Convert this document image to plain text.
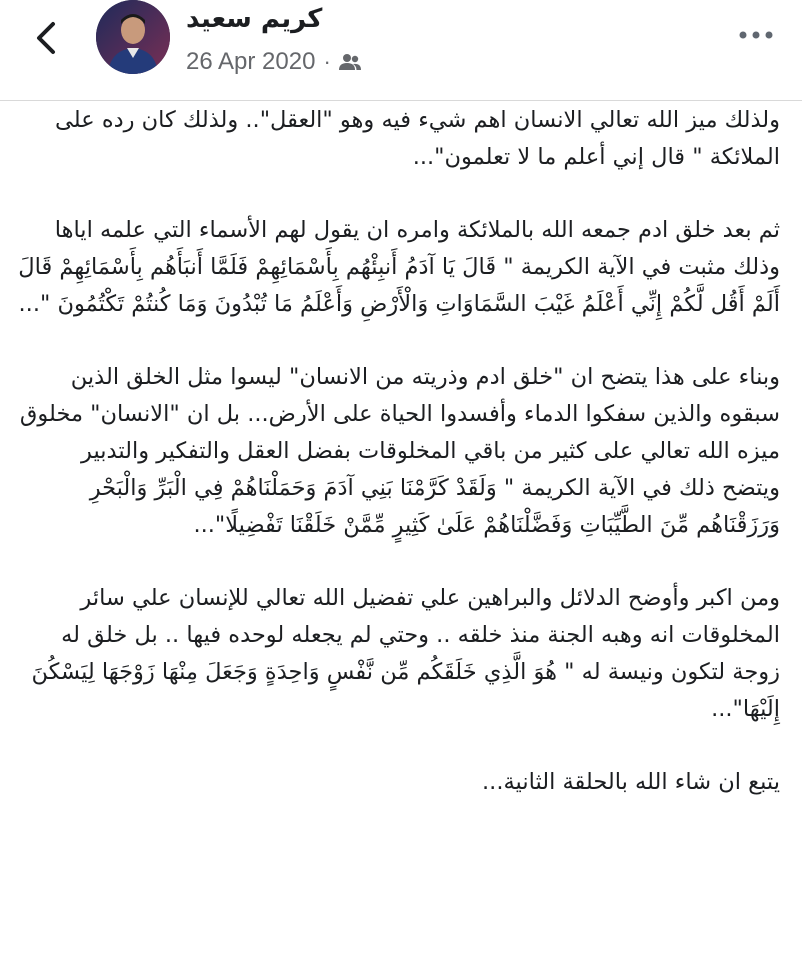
كريم سعيد
26 Apr 2020 ·

ولذلك ميز الله تعالي الانسان اهم شيء فيه وهو "العقل".. ولذلك كان رده على الملائكة " قال إني أعلم ما لا تعلمون"...

ثم بعد خلق ادم جمعه الله بالملائكة وامره ان يقول لهم الأسماء التي علمه اياها وذلك مثبت في الآية الكريمة " قَالَ يَا آدَمُ أَنبِئْهُم بِأَسْمَائِهِمْ فَلَمَّا أَنبَأَهُم بِأَسْمَائِهِمْ قَالَ أَلَمْ أَقُل لَّكُمْ إِنِّي أَعْلَمُ غَيْبَ السَّمَاوَاتِ وَالْأَرْضِ وَأَعْلَمُ مَا تُبْدُونَ وَمَا كُنتُمْ تَكْتُمُونَ "...

وبناء على هذا يتضح ان "خلق ادم وذريته من الانسان" ليسوا مثل الخلق الذين سبقوه والذين سفكوا الدماء وأفسدوا الحياة على الأرض... بل ان "الانسان" مخلوق ميزه الله تعالي على كثير من باقي المخلوقات بفضل العقل والتفكير والتدبير ويتضح ذلك في الآية الكريمة " وَلَقَدْ كَرَّمْنَا بَنِي آدَمَ وَحَمَلْنَاهُمْ فِي الْبَرِّ وَالْبَحْرِ وَرَزَقْنَاهُم مِّنَ الطَّيِّبَاتِ وَفَضَّلْنَاهُمْ عَلَىٰ كَثِيرٍ مِّمَّنْ خَلَقْنَا تَفْضِيلًا"...

ومن اكبر وأوضح الدلائل والبراهين علي تفضيل الله تعالي للإنسان علي سائر المخلوقات انه وهبه الجنة منذ خلقه .. وحتي لم يجعله لوحده فيها .. بل خلق له زوجة لتكون ونيسة له " هُوَ الَّذِي خَلَقَكُم مِّن نَّفْسٍ وَاحِدَةٍ وَجَعَلَ مِنْهَا زَوْجَهَا لِيَسْكُنَ إِلَيْهَا"...

يتبع ان شاء الله بالحلقة الثانية...
